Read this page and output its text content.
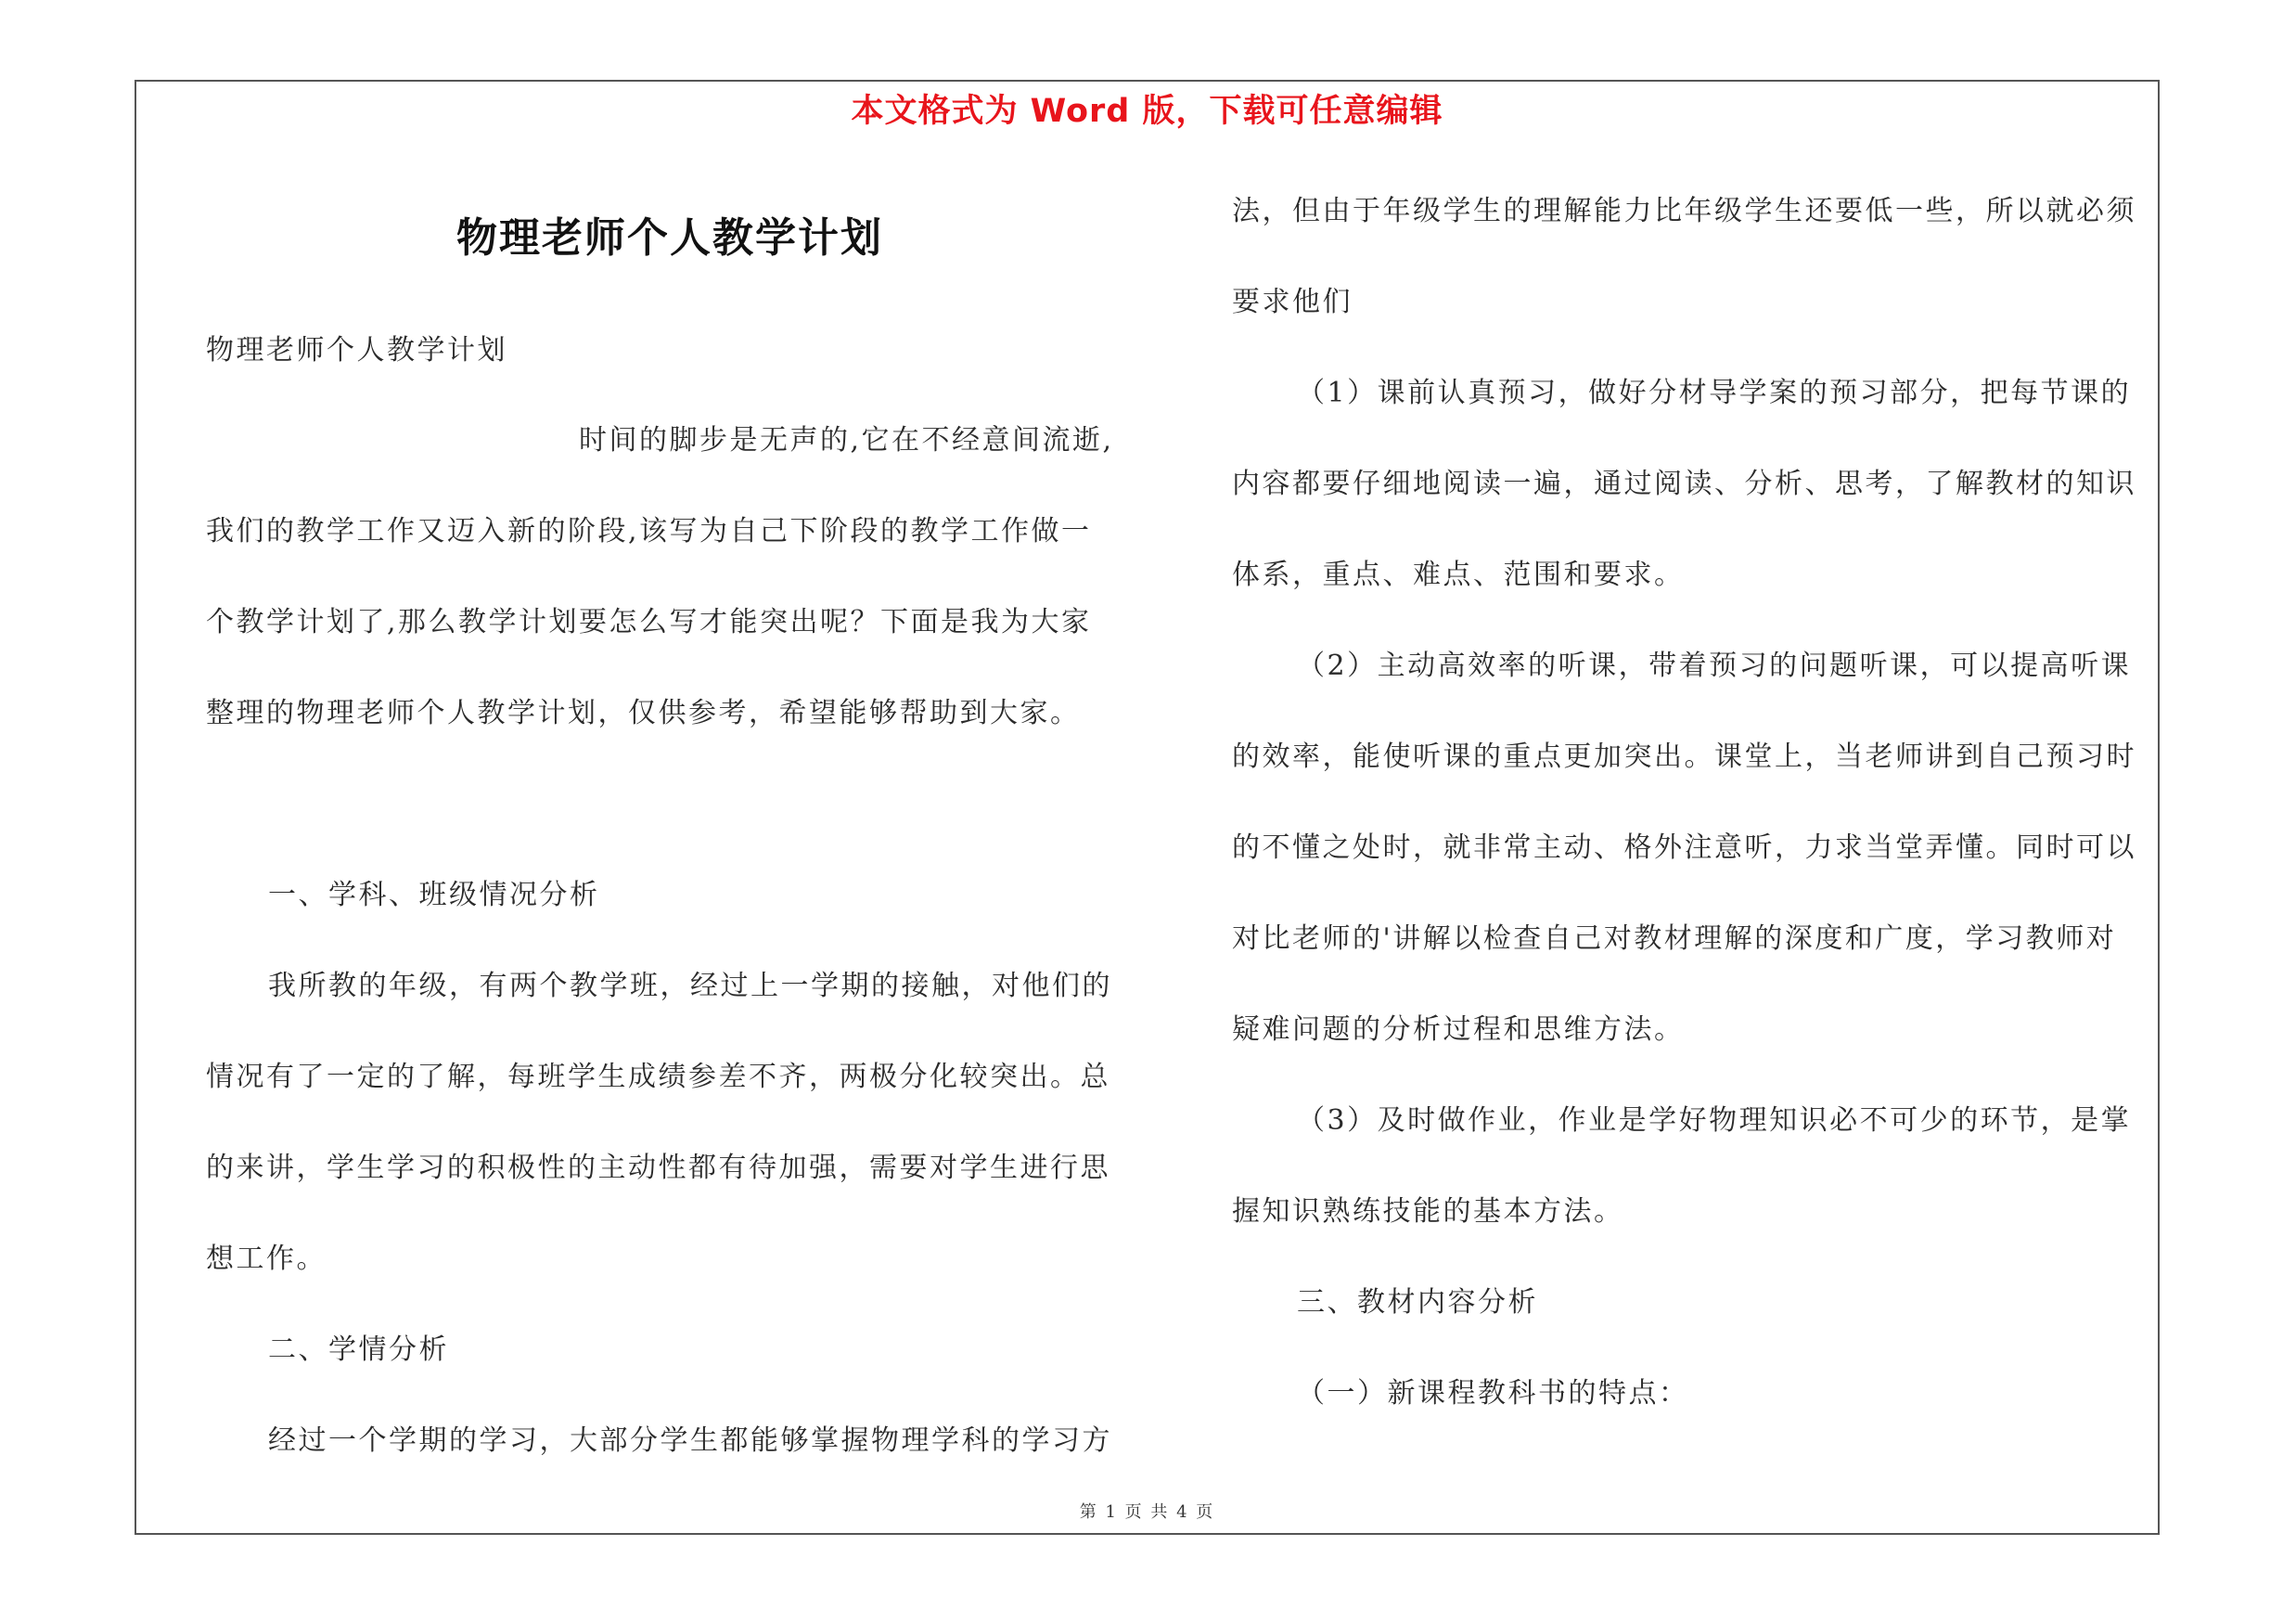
本文格式为 Word 版，下载可任意编辑
物理老师个人教学计划
物理老师个人教学计划
时间的脚步是无声的,它在不经意间流逝,
我们的教学工作又迈入新的阶段,该写为自己下阶段的教学工作做一
个教学计划了,那么教学计划要怎么写才能突出呢？下面是我为大家
整理的物理老师个人教学计划，仅供参考，希望能够帮助到大家。
一、学科、班级情况分析
我所教的年级，有两个教学班，经过上一学期的接触，对他们的
情况有了一定的了解，每班学生成绩参差不齐，两极分化较突出。总
的来讲，学生学习的积极性的主动性都有待加强，需要对学生进行思
想工作。
二、学情分析
经过一个学期的学习，大部分学生都能够掌握物理学科的学习方
法，但由于年级学生的理解能力比年级学生还要低一些，所以就必须
要求他们
（1）课前认真预习，做好分材导学案的预习部分，把每节课的
内容都要仔细地阅读一遍，通过阅读、分析、思考，了解教材的知识
体系，重点、难点、范围和要求。
（2）主动高效率的听课，带着预习的问题听课，可以提高听课
的效率，能使听课的重点更加突出。课堂上，当老师讲到自己预习时
的不懂之处时，就非常主动、格外注意听，力求当堂弄懂。同时可以
对比老师的'讲解以检查自己对教材理解的深度和广度，学习教师对
疑难问题的分析过程和思维方法。
（3）及时做作业，作业是学好物理知识必不可少的环节，是掌
握知识熟练技能的基本方法。
三、教材内容分析
（一）新课程教科书的特点：
第 1 页 共 4 页
